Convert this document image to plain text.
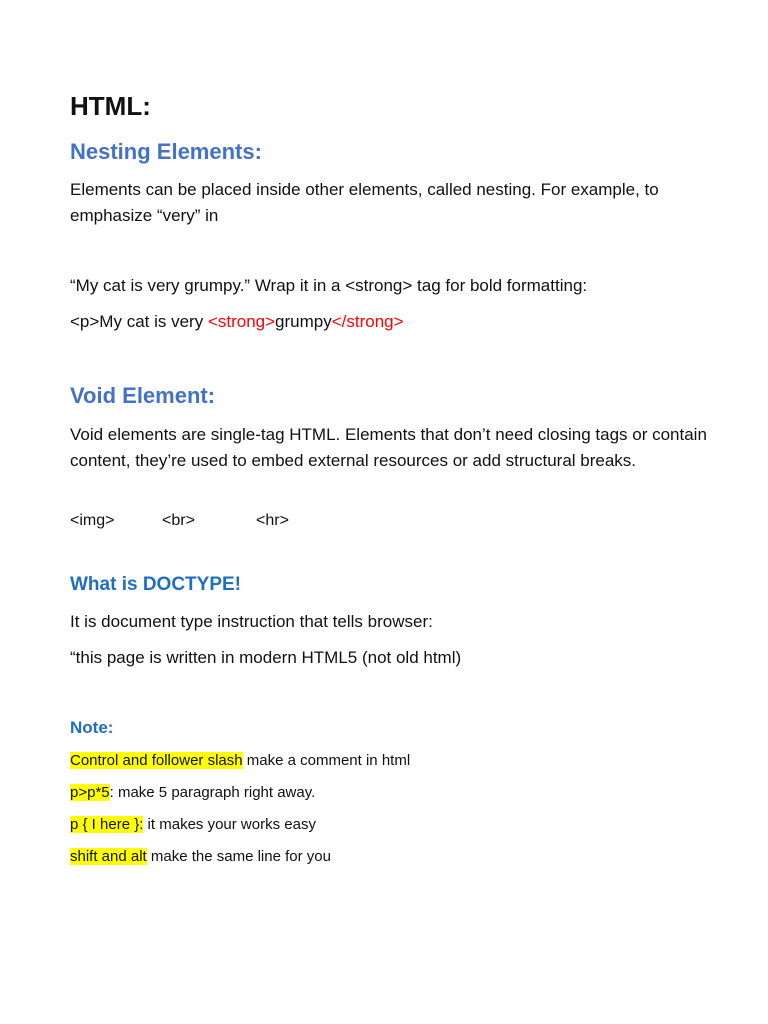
HTML:
Nesting Elements:

Elements can be placed inside other elements, called nesting. For example, to emphasize “very” in

“My cat is very grumpy.” Wrap it in a <strong> tag for bold formatting:

<p>My cat is very <strong>grumpy</strong>

Void Element:

Void elements are single-tag HTML. Elements that don’t need closing tags or contain content, they’re used to embed external resources or add structural breaks.

<img>	<br>	<hr>

What is DOCTYPE!

It is document type instruction that tells browser:

“this page is written in modern HTML5 (not old html)

Note:

Control and follower slash make a comment in html

p>p*5: make 5 paragraph right away.

p { I here }: it makes your works easy

shift and alt make the same line for you
